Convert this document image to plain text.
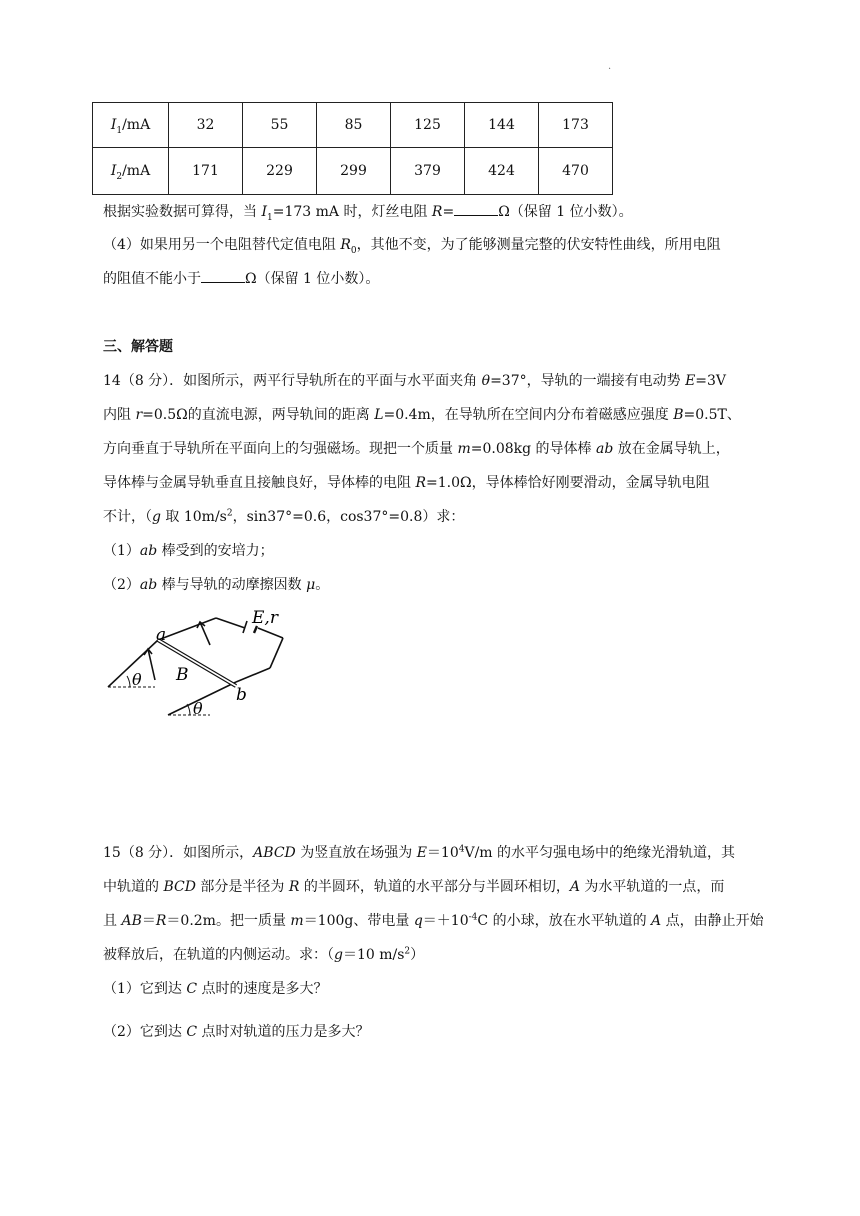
·
$I_1/mA$	32	55	85	125	144	173
$I_2/mA$	171	229	299	379	424	470
根据实验数据可算得，当 $I_1=173$ mA 时，灯丝电阻 R=	Ω（保留 1 位小数）。
（4）如果用另一个电阻替代定值电阻 $R_0$，其他不变，为了能够测量完整的伏安特性曲线，所用电阻
的阻值不能小于	Ω（保留 1 位小数）。
三、解答题
14（8 分）．如图所示，两平行导轨所在的平面与水平面夹角 θ=37°，导轨的一端接有电动势 E=3V
内阻 r=0.5Ω的直流电源，两导轨间的距离 L=0.4m，在导轨所在空间内分布着磁感应强度 B=0.5T、
方向垂直于导轨所在平面向上的匀强磁场。现把一个质量 m=0.08kg 的导体棒 ab 放在金属导轨上，
导体棒与金属导轨垂直且接触良好，导体棒的电阻 R=1.0Ω，导体棒恰好刚要滑动，金属导轨电阻
不计，（g 取 $10m/s^2$，sin37°=0.6，cos37°=0.8）求：
（1）ab 棒受到的安培力；
（2）ab 棒与导轨的动摩擦因数 μ。
E,r
a
b
B
θ
θ
15（8 分）．如图所示，ABCD 为竖直放在场强为 $E=10^4V/m$ 的水平匀强电场中的绝缘光滑轨道，其
中轨道的 BCD 部分是半径为 R 的半圆环，轨道的水平部分与半圆环相切，A 为水平轨道的一点，而
且 AB＝R＝0.2m。把一质量 m＝100g、带电量 $q=+10^{-4}C$ 的小球，放在水平轨道的 A 点，由静止开始
被释放后，在轨道的内侧运动。求：（g＝10 $m/s^2$）
（1）它到达 C 点时的速度是多大？
（2）它到达 C 点时对轨道的压力是多大？
